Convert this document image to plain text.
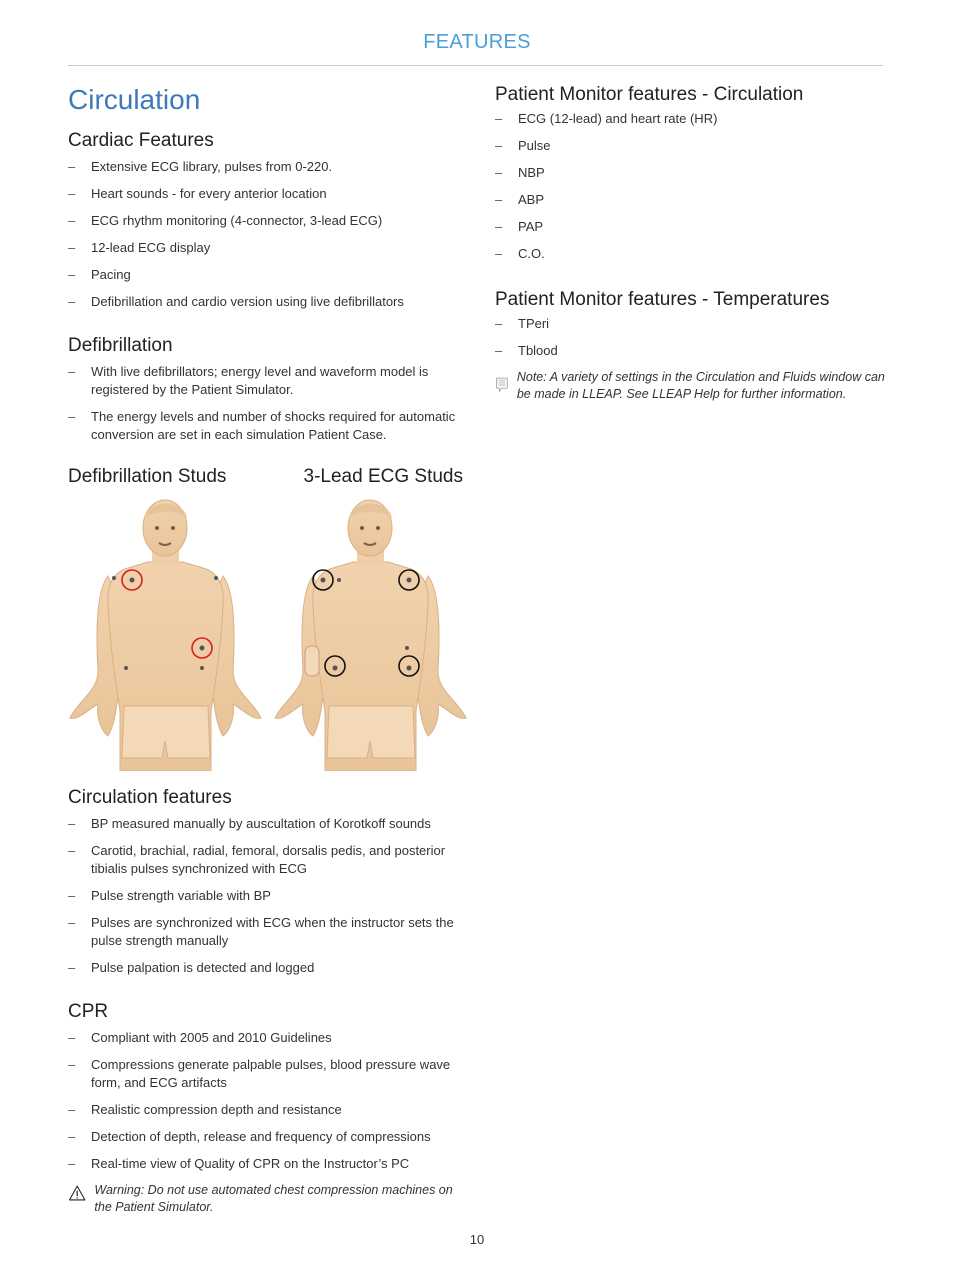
FEATURES
Circulation
Cardiac Features
– Extensive ECG library, pulses from 0-220.
– Heart sounds - for every anterior location
– ECG rhythm monitoring (4-connector, 3-lead ECG)
– 12-lead ECG display
– Pacing
– Defibrillation and cardio version using live defibrillators
Defibrillation
– With live defibrillators; energy level and waveform model is registered by the Patient Simulator.
– The energy levels and number of shocks required for automatic conversion are set in each simulation Patient Case.
Defibrillation Studs	3-Lead ECG Studs
Circulation features
– BP measured manually by auscultation of Korotkoff sounds
– Carotid, brachial, radial, femoral, dorsalis pedis, and posterior tibialis pulses synchronized with ECG
– Pulse strength variable with BP
– Pulses are synchronized with ECG when the instructor sets the pulse strength manually
– Pulse palpation is detected and logged
CPR
– Compliant with 2005 and 2010 Guidelines
– Compressions generate palpable pulses, blood pressure wave form, and ECG artifacts
– Realistic compression depth and resistance
– Detection of depth, release and frequency of compressions
– Real-time view of Quality of CPR on the Instructor’s PC
Warning: Do not use automated chest compression machines on the Patient Simulator.
Patient Monitor features - Circulation
– ECG (12-lead) and heart rate (HR)
– Pulse
– NBP
– ABP
– PAP
– C.O.
Patient Monitor features - Temperatures
– TPeri
– Tblood
Note: A variety of settings in the Circulation and Fluids window can be made in LLEAP. See LLEAP Help for further information.
10
